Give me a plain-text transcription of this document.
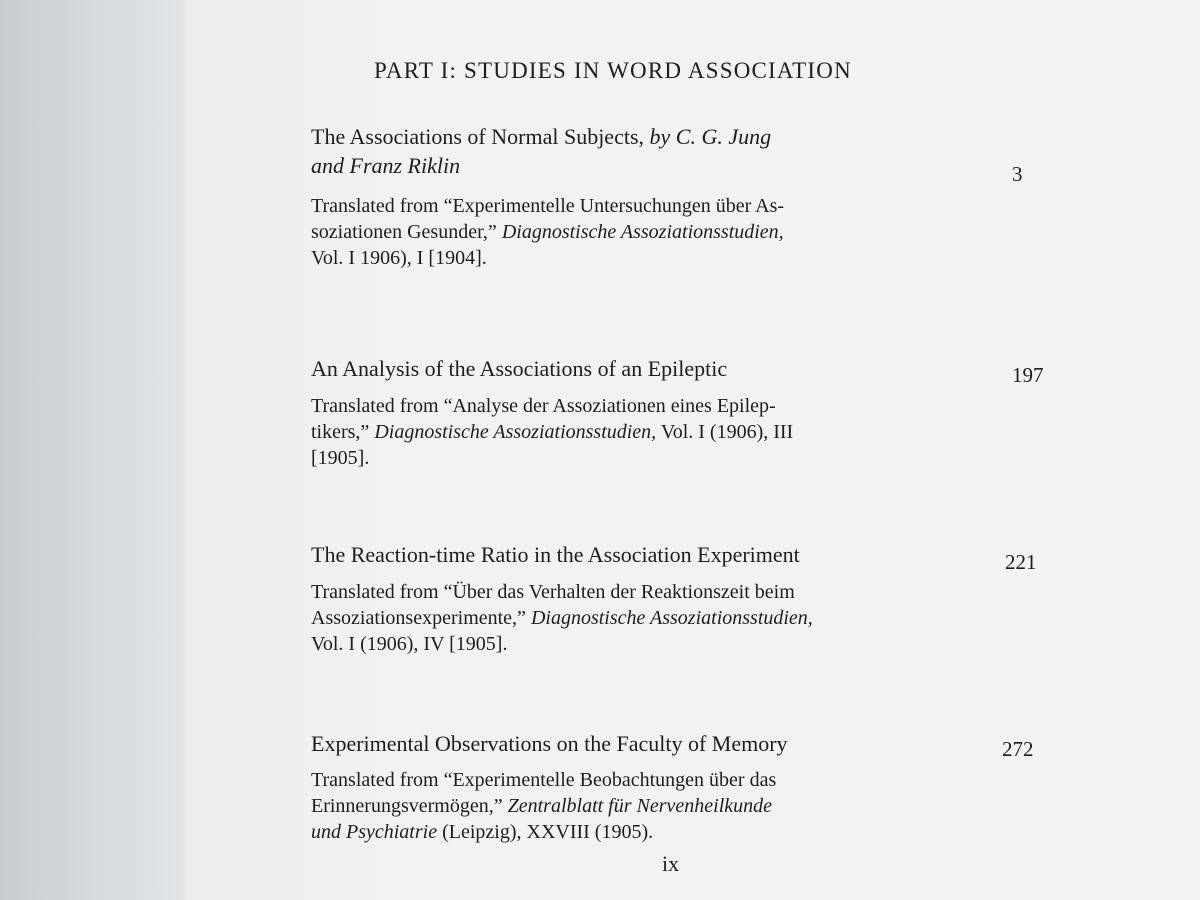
PART I: STUDIES IN WORD ASSOCIATION
The Associations of Normal Subjects, by C. G. Jung
and Franz Riklin	3
Translated from “Experimentelle Untersuchungen über As-
soziationen Gesunder,” Diagnostische Assoziationsstudien,
Vol. I 1906), I [1904].
An Analysis of the Associations of an Epileptic	197
Translated from “Analyse der Assoziationen eines Epilep-
tikers,” Diagnostische Assoziationsstudien, Vol. I (1906), III
[1905].
The Reaction-time Ratio in the Association Experiment	221
Translated from “Über das Verhalten der Reaktionszeit beim
Assoziationsexperimente,” Diagnostische Assoziationsstudien,
Vol. I (1906), IV [1905].
Experimental Observations on the Faculty of Memory	272
Translated from “Experimentelle Beobachtungen über das
Erinnerungsvermögen,” Zentralblatt für Nervenheilkunde
und Psychiatrie (Leipzig), XXVIII (1905).
ix
